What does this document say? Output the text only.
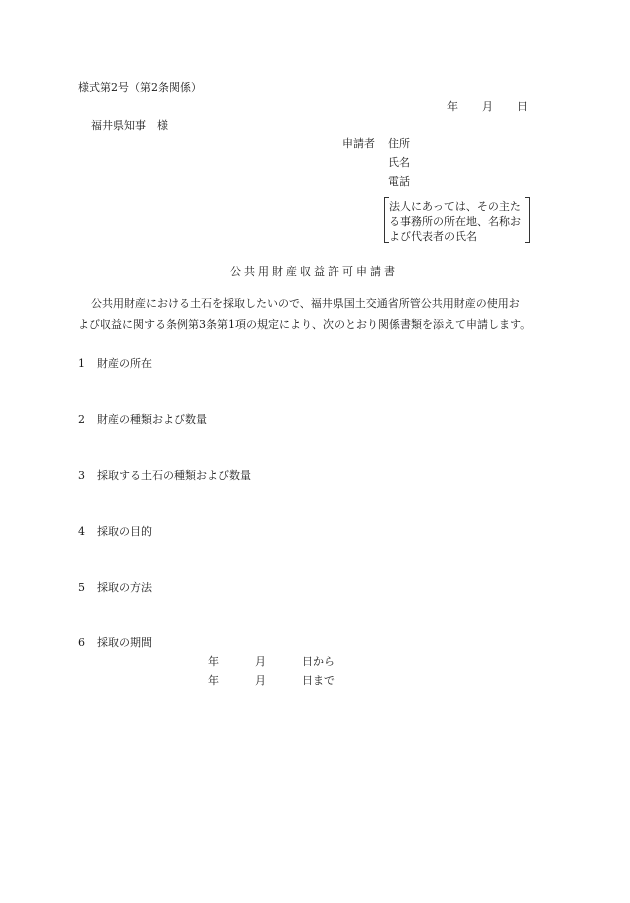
様式第2号（第2条関係）
年 月 日
福井県知事　様
申請者 住所
氏名
電話
法人にあっては、その主たる事務所の所在地、名称および代表者の氏名
公共用財産収益許可申請書
公共用財産における土石を採取したいので、福井県国土交通省所管公共用財産の使用お
よび収益に関する条例第3条第1項の規定により、次のとおり関係書類を添えて申請します。
1 財産の所在
2 財産の種類および数量
3 採取する土石の種類および数量
4 採取の目的
5 採取の方法
6 採取の期間
年	月	日から
年	月	日まで
